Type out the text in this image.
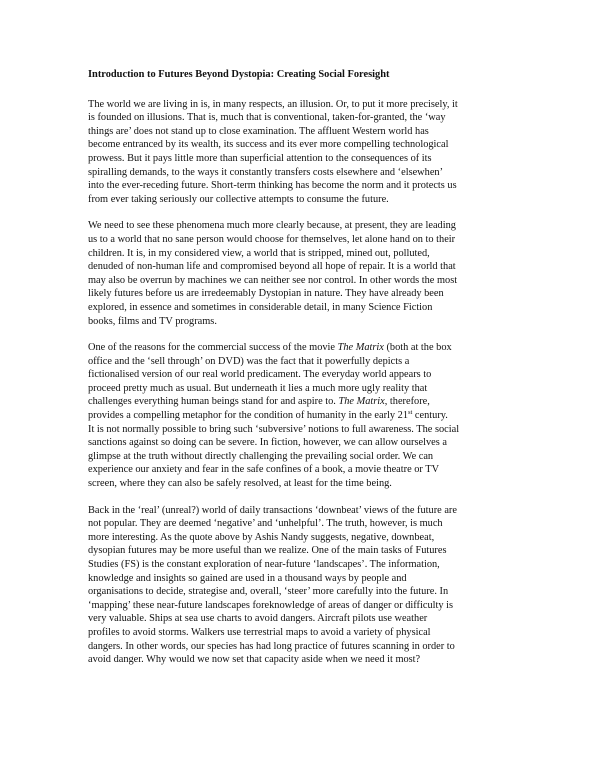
Introduction to Futures Beyond Dystopia: Creating Social Foresight
The world we are living in is, in many respects, an illusion. Or, to put it more precisely, it
is founded on illusions. That is, much that is conventional, taken-for-granted, the ‘way
things are’ does not stand up to close examination. The affluent Western world has
become entranced by its wealth, its success and its ever more compelling technological
prowess. But it pays little more than superficial attention to the consequences of its
spiralling demands, to the ways it constantly transfers costs elsewhere and ‘elsewhen’
into the ever-receding future. Short-term thinking has become the norm and it protects us
from ever taking seriously our collective attempts to consume the future.
We need to see these phenomena much more clearly because, at present, they are leading
us to a world that no sane person would choose for themselves, let alone hand on to their
children. It is, in my considered view, a world that is stripped, mined out, polluted,
denuded of non-human life and compromised beyond all hope of repair. It is a world that
may also be overrun by machines we can neither see nor control. In other words the most
likely futures before us are irredeemably Dystopian in nature. They have already been
explored, in essence and sometimes in considerable detail, in many Science Fiction
books, films and TV programs.
One of the reasons for the commercial success of the movie The Matrix (both at the box
office and the ‘sell through’ on DVD) was the fact that it powerfully depicts a
fictionalised version of our real world predicament. The everyday world appears to
proceed pretty much as usual. But underneath it lies a much more ugly reality that
challenges everything human beings stand for and aspire to. The Matrix, therefore,
provides a compelling metaphor for the condition of humanity in the early 21st century.
It is not normally possible to bring such ‘subversive’ notions to full awareness. The social
sanctions against so doing can be severe. In fiction, however, we can allow ourselves a
glimpse at the truth without directly challenging the prevailing social order. We can
experience our anxiety and fear in the safe confines of a book, a movie theatre or TV
screen, where they can also be safely resolved, at least for the time being.
Back in the ‘real’ (unreal?) world of daily transactions ‘downbeat’ views of the future are
not popular. They are deemed ‘negative’ and ‘unhelpful’. The truth, however, is much
more interesting. As the quote above by Ashis Nandy suggests, negative, downbeat,
dysopian futures may be more useful than we realize. One of the main tasks of Futures
Studies (FS) is the constant exploration of near-future ‘landscapes’. The information,
knowledge and insights so gained are used in a thousand ways by people and
organisations to decide, strategise and, overall, ‘steer’ more carefully into the future. In
‘mapping’ these near-future landscapes foreknowledge of areas of danger or difficulty is
very valuable. Ships at sea use charts to avoid dangers. Aircraft pilots use weather
profiles to avoid storms. Walkers use terrestrial maps to avoid a variety of physical
dangers. In other words, our species has had long practice of futures scanning in order to
avoid danger. Why would we now set that capacity aside when we need it most?
